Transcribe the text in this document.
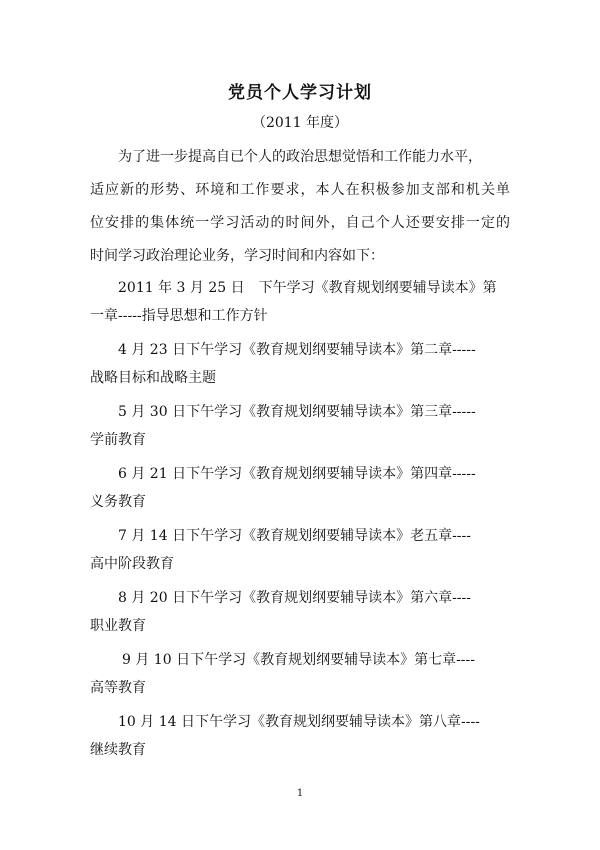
党员个人学习计划
（2011 年度）
为了进一步提高自已个人的政治思想觉悟和工作能力水平，
适应新的形势、环境和工作要求，本人在积极参加支部和机关单
位安排的集体统一学习活动的时间外，自己个人还要安排一定的
时间学习政治理论业务，学习时间和内容如下：
2011 年 3 月 25 日　下午学习《教育规划纲要辅导读本》第
一章-----指导思想和工作方针
4 月 23 日下午学习《教育规划纲要辅导读本》第二章-----
战略目标和战略主题
5 月 30 日下午学习《教育规划纲要辅导读本》第三章-----
学前教育
6 月 21 日下午学习《教育规划纲要辅导读本》第四章-----
义务教育
7 月 14 日下午学习《教育规划纲要辅导读本》老五章----
高中阶段教育
8 月 20 日下午学习《教育规划纲要辅导读本》第六章----
职业教育
9 月 10 日下午学习《教育规划纲要辅导读本》第七章----
高等教育
10 月 14 日下午学习《教育规划纲要辅导读本》第八章----
继续教育
1
